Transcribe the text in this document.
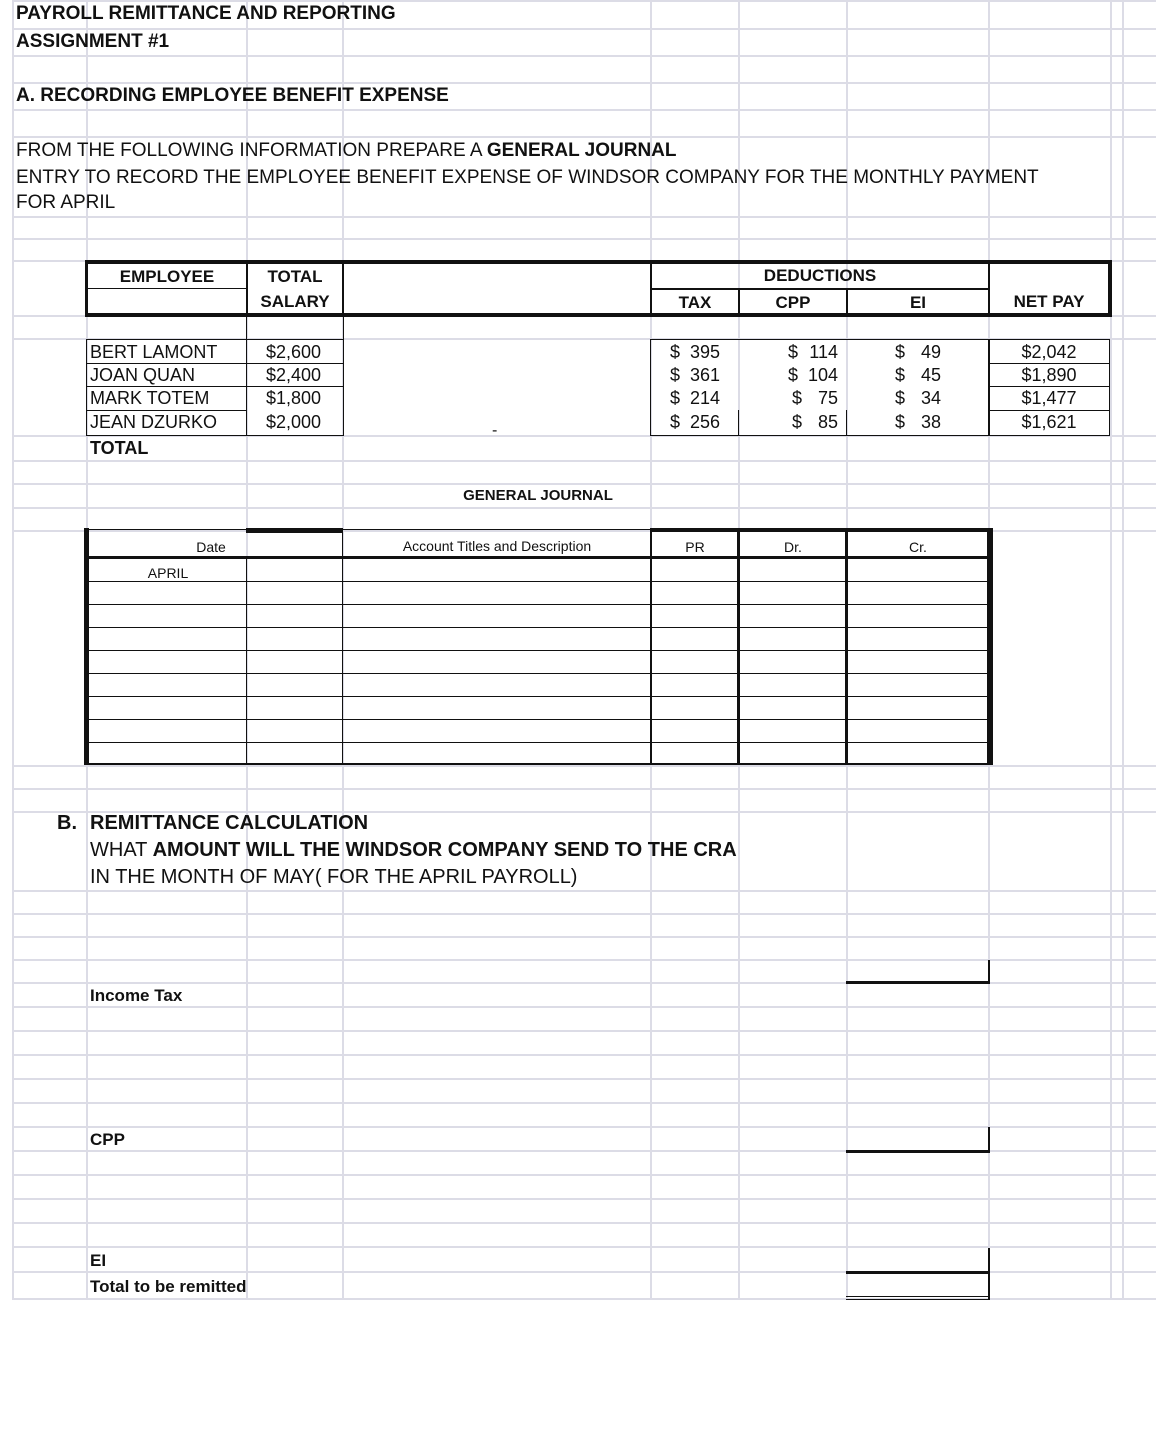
PAYROLL REMITTANCE AND REPORTING
ASSIGNMENT #1
A. RECORDING EMPLOYEE BENEFIT EXPENSE
FROM THE FOLLOWING INFORMATION PREPARE A GENERAL JOURNAL
ENTRY TO RECORD THE EMPLOYEE BENEFIT EXPENSE OF WINDSOR COMPANY FOR THE MONTHLY PAYMENT
FOR APRIL
EMPLOYEE	TOTAL
SALARY
DEDUCTIONS
TAX	CPP	EI	NET PAY
BERT LAMONT	$2,600	$ 395	$ 114	$ 49	$2,042
JOAN QUAN	$2,400	$ 361	$ 104	$ 45	$1,890
MARK TOTEM	$1,800	$ 214	$ 75	$ 34	$1,477
JEAN DZURKO	$2,000	$ 256	$ 85	$ 38	$1,621
TOTAL
-
GENERAL JOURNAL
Date	Account Titles and Description	PR	Dr.	Cr.
APRIL
B. REMITTANCE CALCULATION
WHAT AMOUNT WILL THE WINDSOR COMPANY SEND TO THE CRA
IN THE MONTH OF MAY( FOR THE APRIL PAYROLL)
Income Tax
CPP
EI
Total to be remitted
